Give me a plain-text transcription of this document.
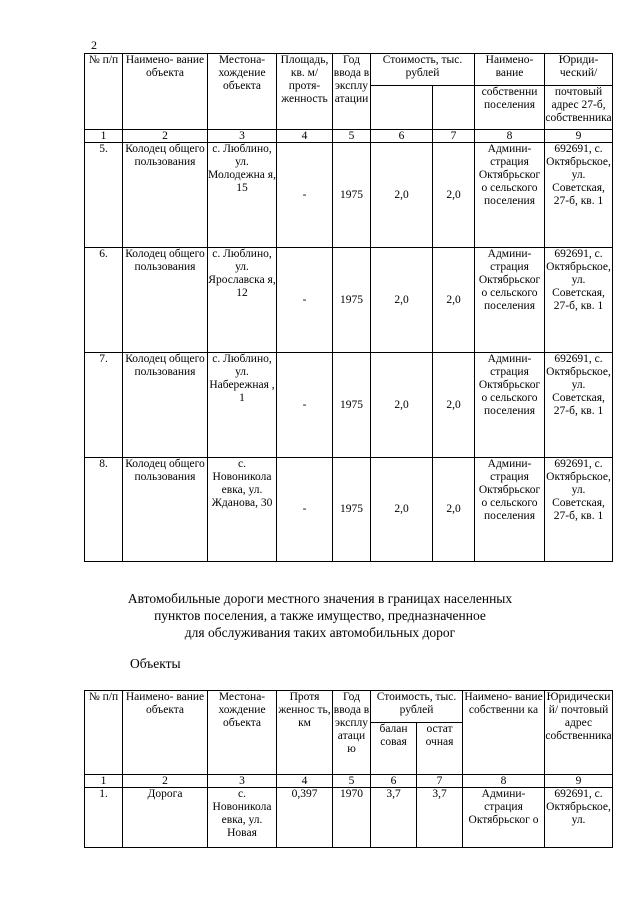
2
№ п/п	Наимено- вание объекта	Местона- хождение объекта	Площадь, кв. м/ протя- женность	Год ввода в эксплу атации	Стоимость, тыс. рублей		Наимено- вание	Юриди- ческий/
							собственни поселения	почтовый адрес 27-б, собственника
1	2	3	4	5	6	7	8	9
5.	Колодец общего пользования	с. Люблино, ул. Молодежна я, 15	-	1975	2,0	2,0	Админи- страция Октябрьског о сельского поселения	692691, с. Октябрьское, ул. Советская, 27-б, кв. 1
6.	Колодец общего пользования	с. Люблино, ул. Ярославска я, 12	-	1975	2,0	2,0	Админи- страция Октябрьског о сельского поселения	692691, с. Октябрьское, ул. Советская, 27-б, кв. 1
7.	Колодец общего пользования	с. Люблино, ул. Набережная , 1	-	1975	2,0	2,0	Админи- страция Октябрьског о сельского поселения	692691, с. Октябрьское, ул. Советская, 27-б, кв. 1
8.	Колодец общего пользования	с. Новоникола евка, ул. Жданова, 30	-	1975	2,0	2,0	Админи- страция Октябрьског о сельского поселения	692691, с. Октябрьское, ул. Советская, 27-б, кв. 1
Автомобильные дороги местного значения в границах населенных
пунктов поселения, а также имущество, предназначенное
для обслуживания таких автомобильных дорог
Объекты
№ п/п	Наимено- вание объекта	Местона- хождение объекта	Протя женнос ть, км	Год ввода в эксплу атаци ю	Стоимость, тыс. рублей		Наимено- вание собственни ка	Юридически й/ почтовый адрес собственника
					балан совая	остат очная		
1	2	3	4	5	6	7	8	9
1.	Дорога	с. Новоникола евка, ул. Новая	0,397	1970	3,7	3,7	Админи- страция Октябрьског о	692691, с. Октябрьское, ул.
